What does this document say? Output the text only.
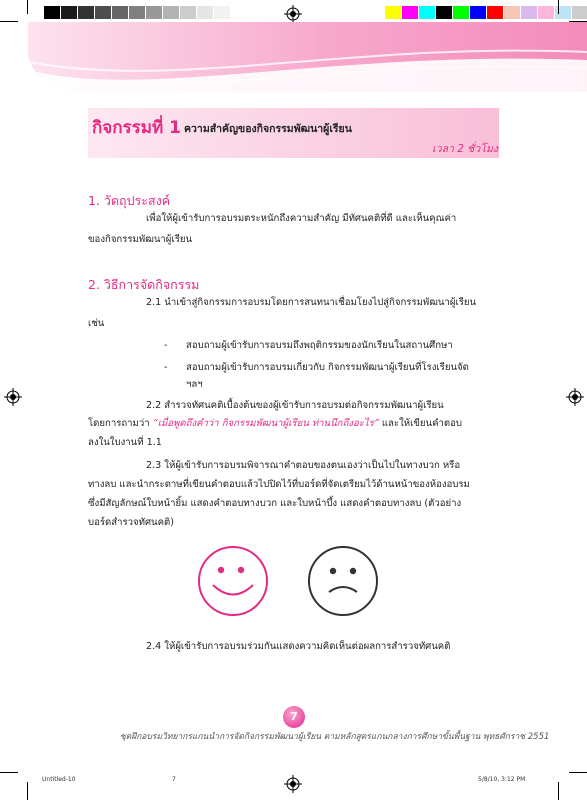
กิจกรรมที่ 1 ความสำคัญของกิจกรรมพัฒนาผู้เรียน
เวลา 2 ชั่วโมง
1. วัตถุประสงค์
เพื่อให้ผู้เข้ารับการอบรมตระหนักถึงความสำคัญ มีทัศนคติที่ดี และเห็นคุณค่า
ของกิจกรรมพัฒนาผู้เรียน
2. วิธีการจัดกิจกรรม
2.1 นำเข้าสู่กิจกรรมการอบรมโดยการสนทนาเชื่อมโยงไปสู่กิจกรรมพัฒนาผู้เรียน
เช่น
- สอบถามผู้เข้ารับการอบรมถึงพฤติกรรมของนักเรียนในสถานศึกษา
- สอบถามผู้เข้ารับการอบรมเกี่ยวกับ กิจกรรมพัฒนาผู้เรียนที่โรงเรียนจัด
ฯลฯ
2.2 สำรวจทัศนคติเบื้องต้นของผู้เข้ารับการอบรมต่อกิจกรรมพัฒนาผู้เรียน
โดยการถามว่า “เมื่อพูดถึงคำว่า กิจกรรมพัฒนาผู้เรียน ท่านนึกถึงอะไร” และให้เขียนคำตอบ
ลงในใบงานที่ 1.1
2.3 ให้ผู้เข้ารับการอบรมพิจารณาคำตอบของตนเองว่าเป็นไปในทางบวก หรือ
ทางลบ และนำกระดาษที่เขียนคำตอบแล้วไปปิดไว้ที่บอร์ดที่จัดเตรียมไว้ด้านหน้าของห้องอบรม
ซึ่งมีสัญลักษณ์ใบหน้ายิ้ม แสดงคำตอบทางบวก และใบหน้าบึ้ง แสดงคำตอบทางลบ (ตัวอย่าง
บอร์ดสำรวจทัศนคติ)
2.4 ให้ผู้เข้ารับการอบรมร่วมกันแสดงความคิดเห็นต่อผลการสำรวจทัศนคติ
7
ชุดฝึกอบรมวิทยากรแกนนำการจัดกิจกรรมพัฒนาผู้เรียน ตามหลักสูตรแกนกลางการศึกษาขั้นพื้นฐาน พุทธศักราช 2551
Untitled-10	7	5/8/10, 3:12 PM
